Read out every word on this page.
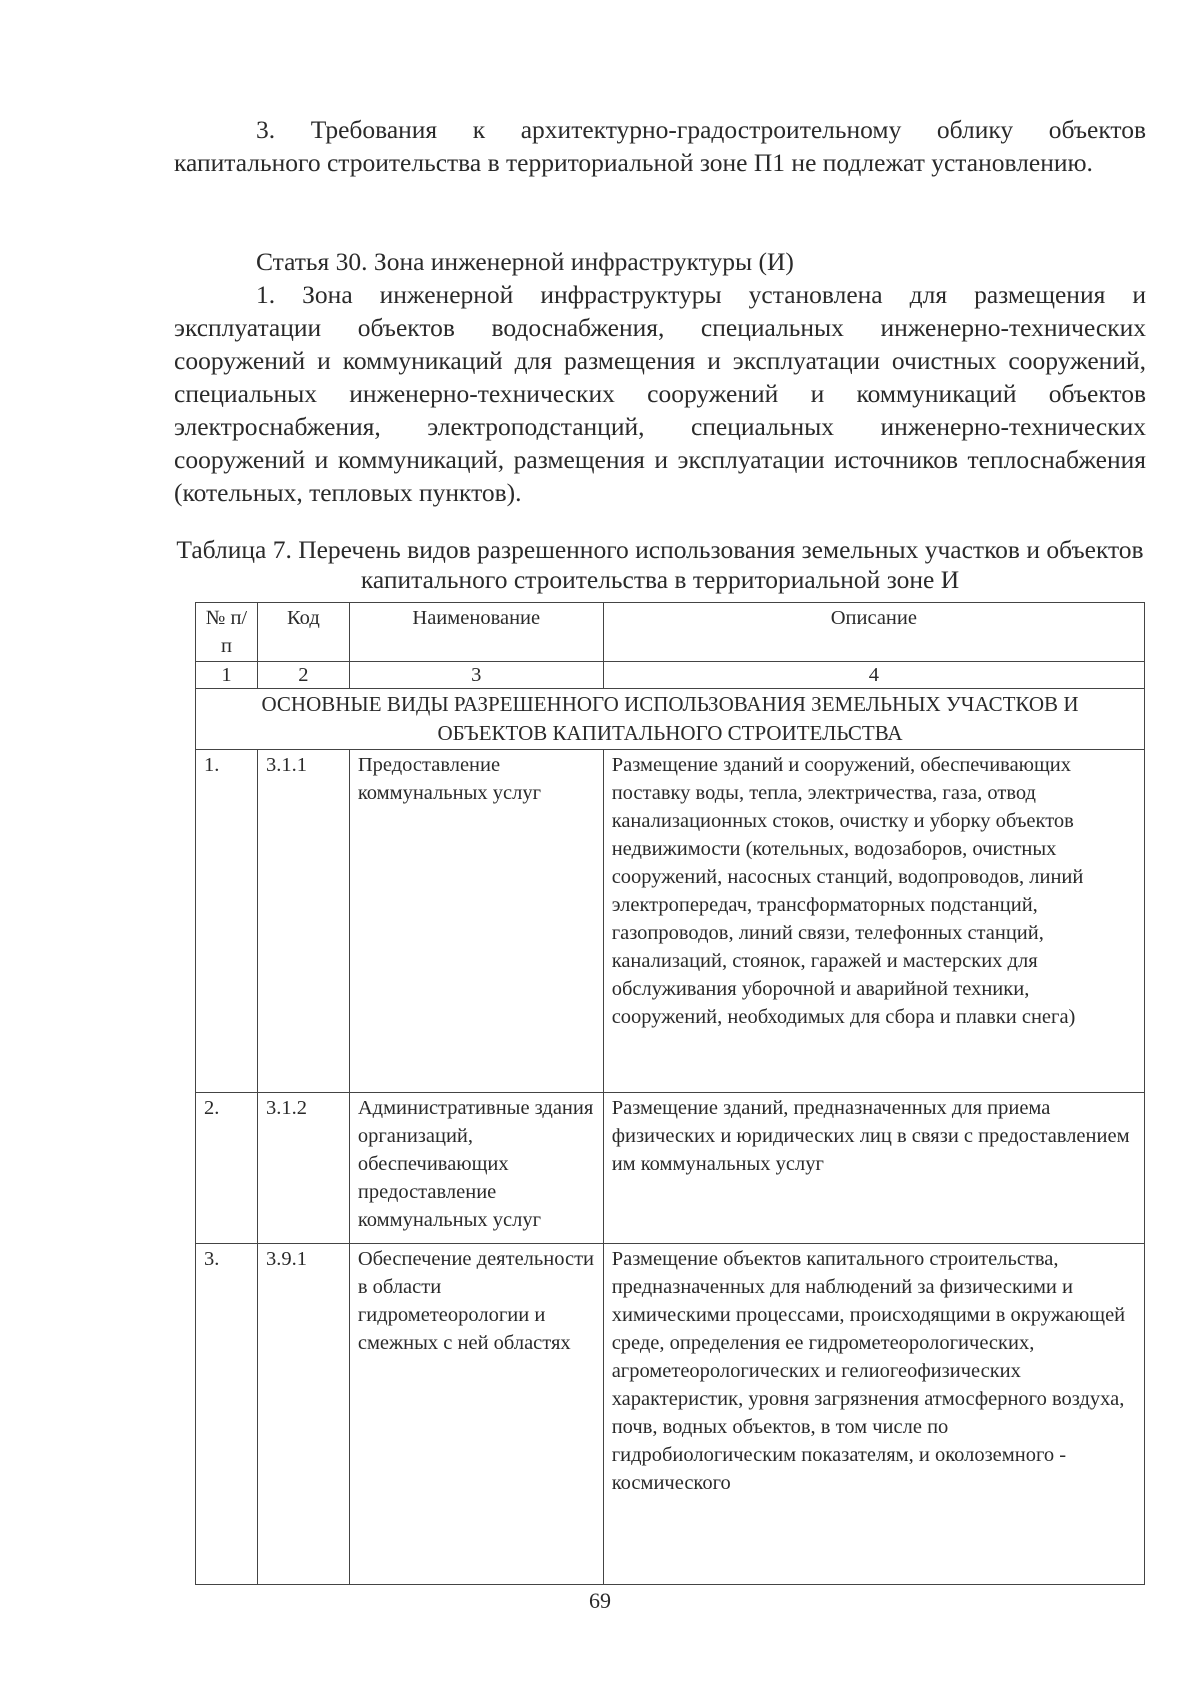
3. Требования к архитектурно-градостроительному облику объектов капитального строительства в территориальной зоне П1 не подлежат установлению.
Статья 30. Зона инженерной инфраструктуры (И)
1. Зона инженерной инфраструктуры установлена для размещения и эксплуатации объектов водоснабжения, специальных инженерно-технических сооружений и коммуникаций для размещения и эксплуатации очистных сооружений, специальных инженерно-технических сооружений и коммуникаций объектов электроснабжения, электроподстанций, специальных инженерно-технических сооружений и коммуникаций, размещения и эксплуатации источников теплоснабжения (котельных, тепловых пунктов).
Таблица 7. Перечень видов разрешенного использования земельных участков и объектов капитального строительства в территориальной зоне И
№ п/п	Код	Наименование	Описание
1	2	3	4
ОСНОВНЫЕ ВИДЫ РАЗРЕШЕННОГО ИСПОЛЬЗОВАНИЯ ЗЕМЕЛЬНЫХ УЧАСТКОВ И ОБЪЕКТОВ КАПИТАЛЬНОГО СТРОИТЕЛЬСТВА			
1.	3.1.1	Предоставление коммунальных услуг	Размещение зданий и сооружений, обеспечивающих поставку воды, тепла, электричества, газа, отвод канализационных стоков, очистку и уборку объектов недвижимости (котельных, водозаборов, очистных сооружений, насосных станций, водопроводов, линий электропередач, трансформаторных подстанций, газопроводов, линий связи, телефонных станций, канализаций, стоянок, гаражей и мастерских для обслуживания уборочной и аварийной техники, сооружений, необходимых для сбора и плавки снега)
2.	3.1.2	Административные здания организаций, обеспечивающих предоставление коммунальных услуг	Размещение зданий, предназначенных для приема физических и юридических лиц в связи с предоставлением им коммунальных услуг
3.	3.9.1	Обеспечение деятельности в области гидрометеорологии и смежных с ней областях	Размещение объектов капитального строительства, предназначенных для наблюдений за физическими и химическими процессами, происходящими в окружающей среде, определения ее гидрометеорологических, агрометеорологических и гелиогеофизических характеристик, уровня загрязнения атмосферного воздуха, почв, водных объектов, в том числе по гидробиологическим показателям, и околоземного - космического
69
